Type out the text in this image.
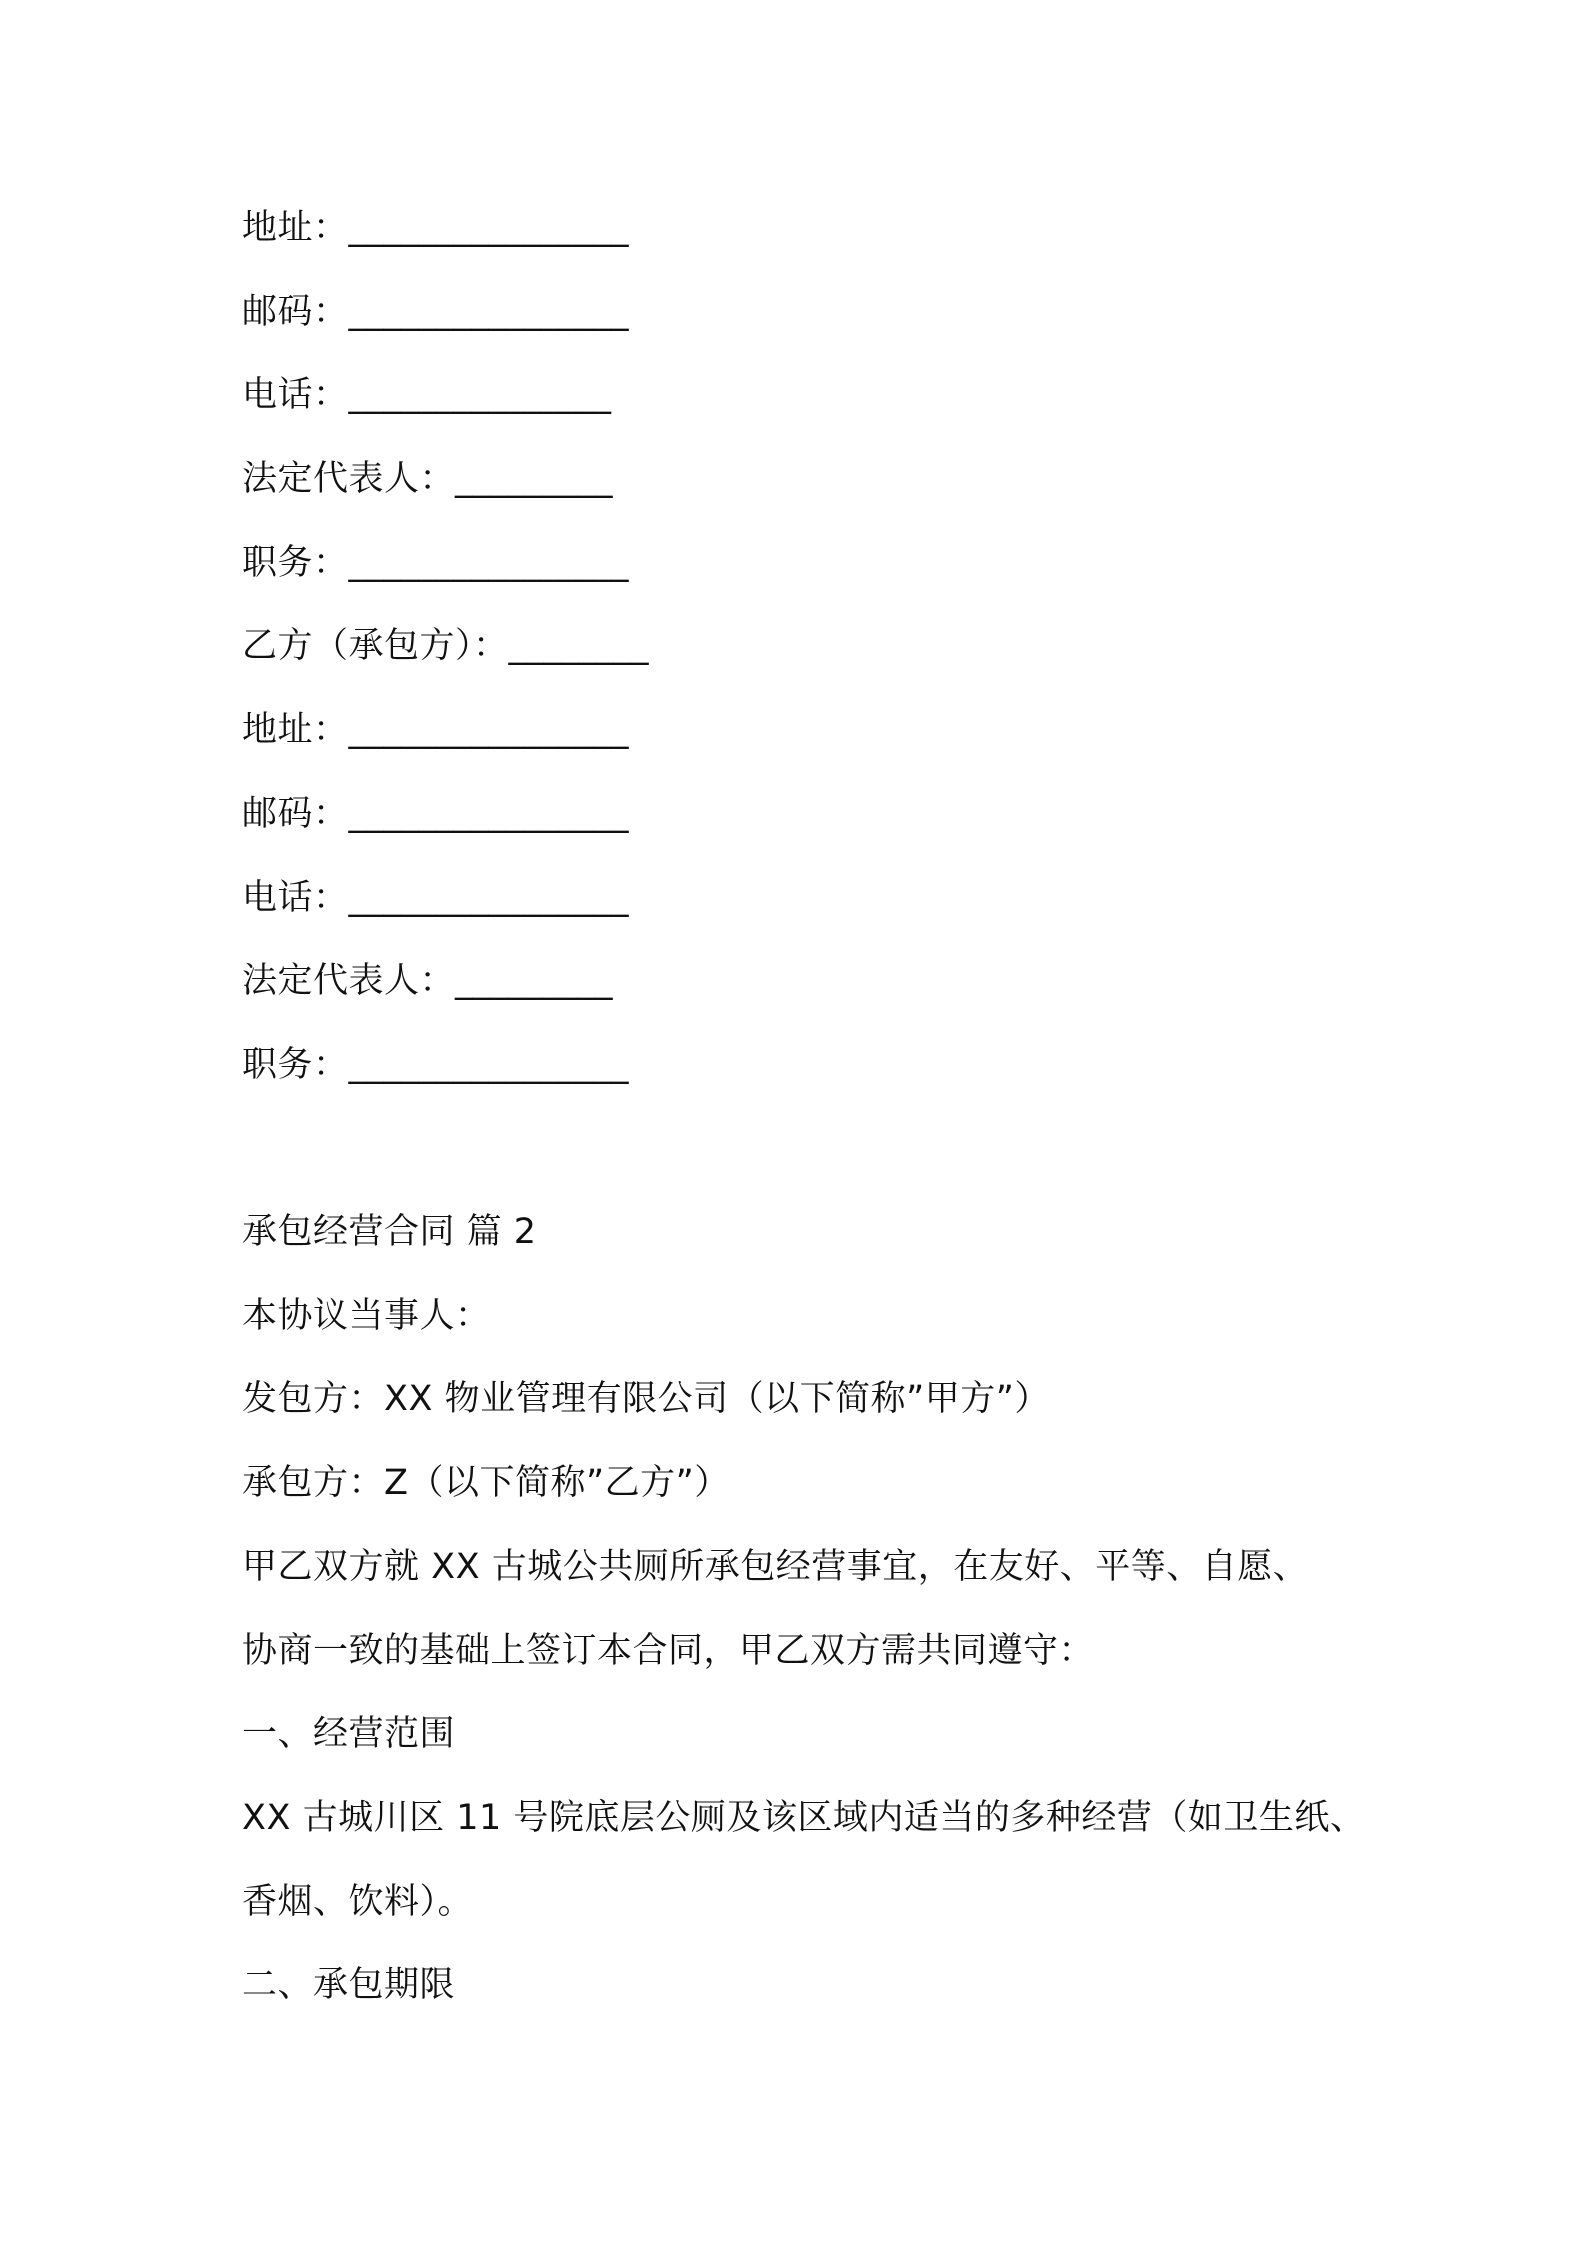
地址：________________
邮码：________________
电话：_______________
法定代表人：_________
职务：________________
乙方（承包方）：________
地址：________________
邮码：________________
电话：________________
法定代表人：_________
职务：________________
承包经营合同 篇 2
本协议当事人：
发包方：XX 物业管理有限公司（以下简称”甲方”）
承包方：Z（以下简称”乙方”）
甲乙双方就 XX 古城公共厕所承包经营事宜，在友好、平等、自愿、
协商一致的基础上签订本合同，甲乙双方需共同遵守：
一、经营范围
XX 古城川区 11 号院底层公厕及该区域内适当的多种经营（如卫生纸、
香烟、饮料）。
二、承包期限
